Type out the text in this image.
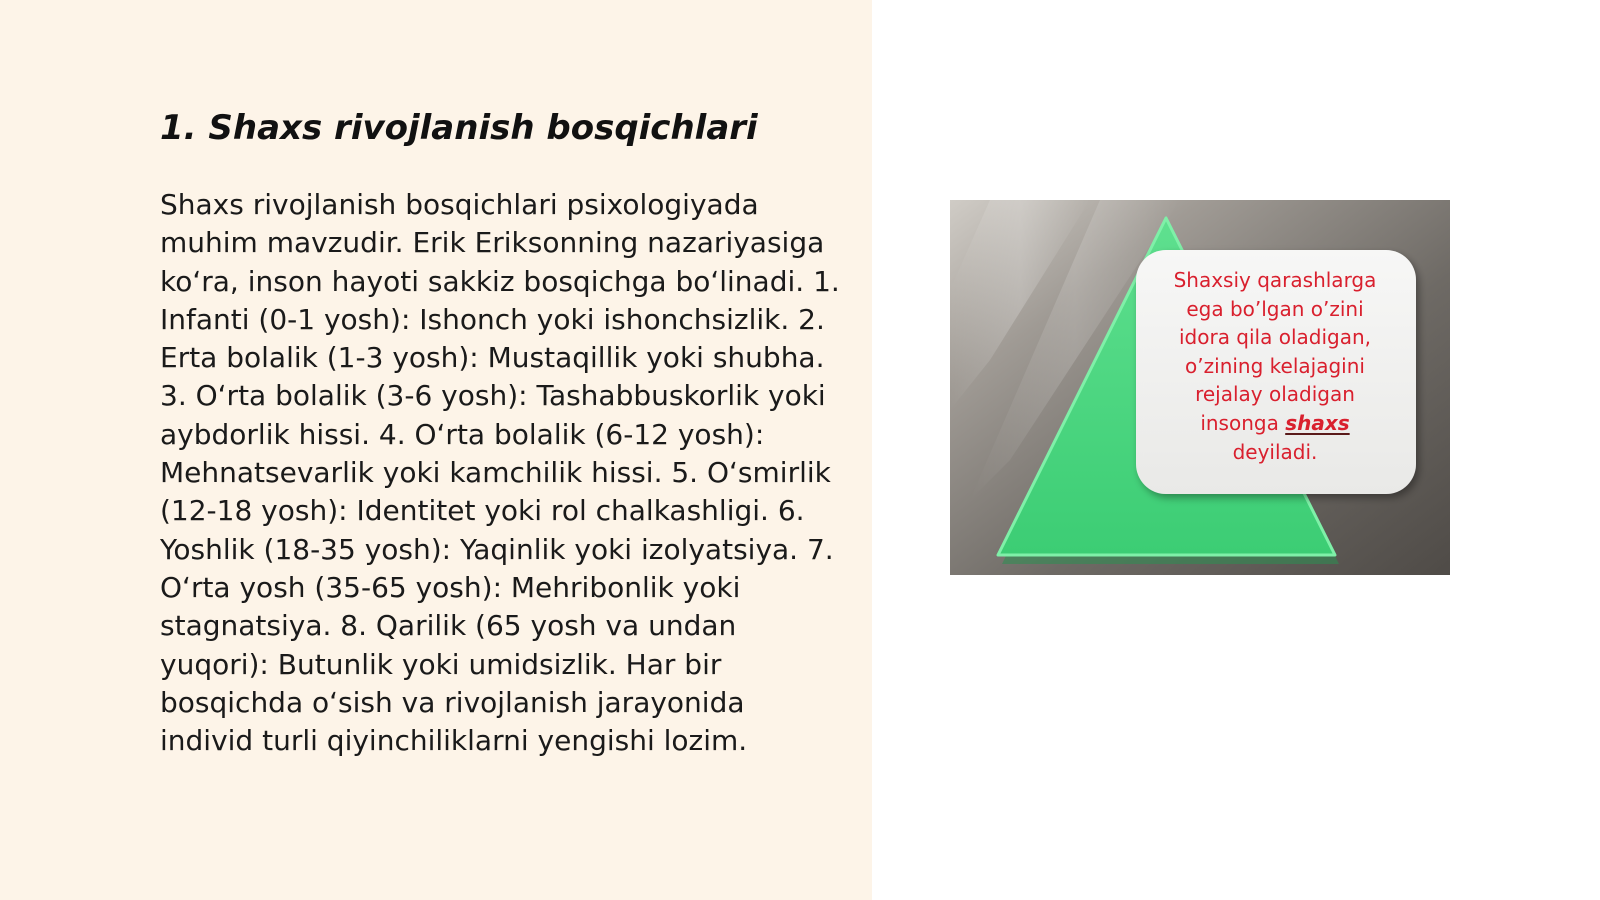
1. Shaxs rivojlanish bosqichlari

Shaxs rivojlanish bosqichlari psixologiyada muhim mavzudir. Erik Eriksonning nazariyasiga koʻra, inson hayoti sakkiz bosqichga boʻlinadi. 1. Infanti (0-1 yosh): Ishonch yoki ishonchsizlik. 2. Erta bolalik (1-3 yosh): Mustaqillik yoki shubha. 3. Oʻrta bolalik (3-6 yosh): Tashabbuskorlik yoki aybdorlik hissi. 4. Oʻrta bolalik (6-12 yosh): Mehnatsevarlik yoki kamchilik hissi. 5. Oʻsmirlik (12-18 yosh): Identitet yoki rol chalkashligi. 6. Yoshlik (18-35 yosh): Yaqinlik yoki izolyatsiya. 7. Oʻrta yosh (35-65 yosh): Mehribonlik yoki stagnatsiya. 8. Qarilik (65 yosh va undan yuqori): Butunlik yoki umidsizlik. Har bir bosqichda oʻsish va rivojlanish jarayonida individ turli qiyinchiliklarni yengishi lozim.

Shaxsiy qarashlarga
ega bo’lgan o’zini
idora qila oladigan,
o’zining kelajagini
rejalay oladigan
insonga shaxs
deyiladi.
